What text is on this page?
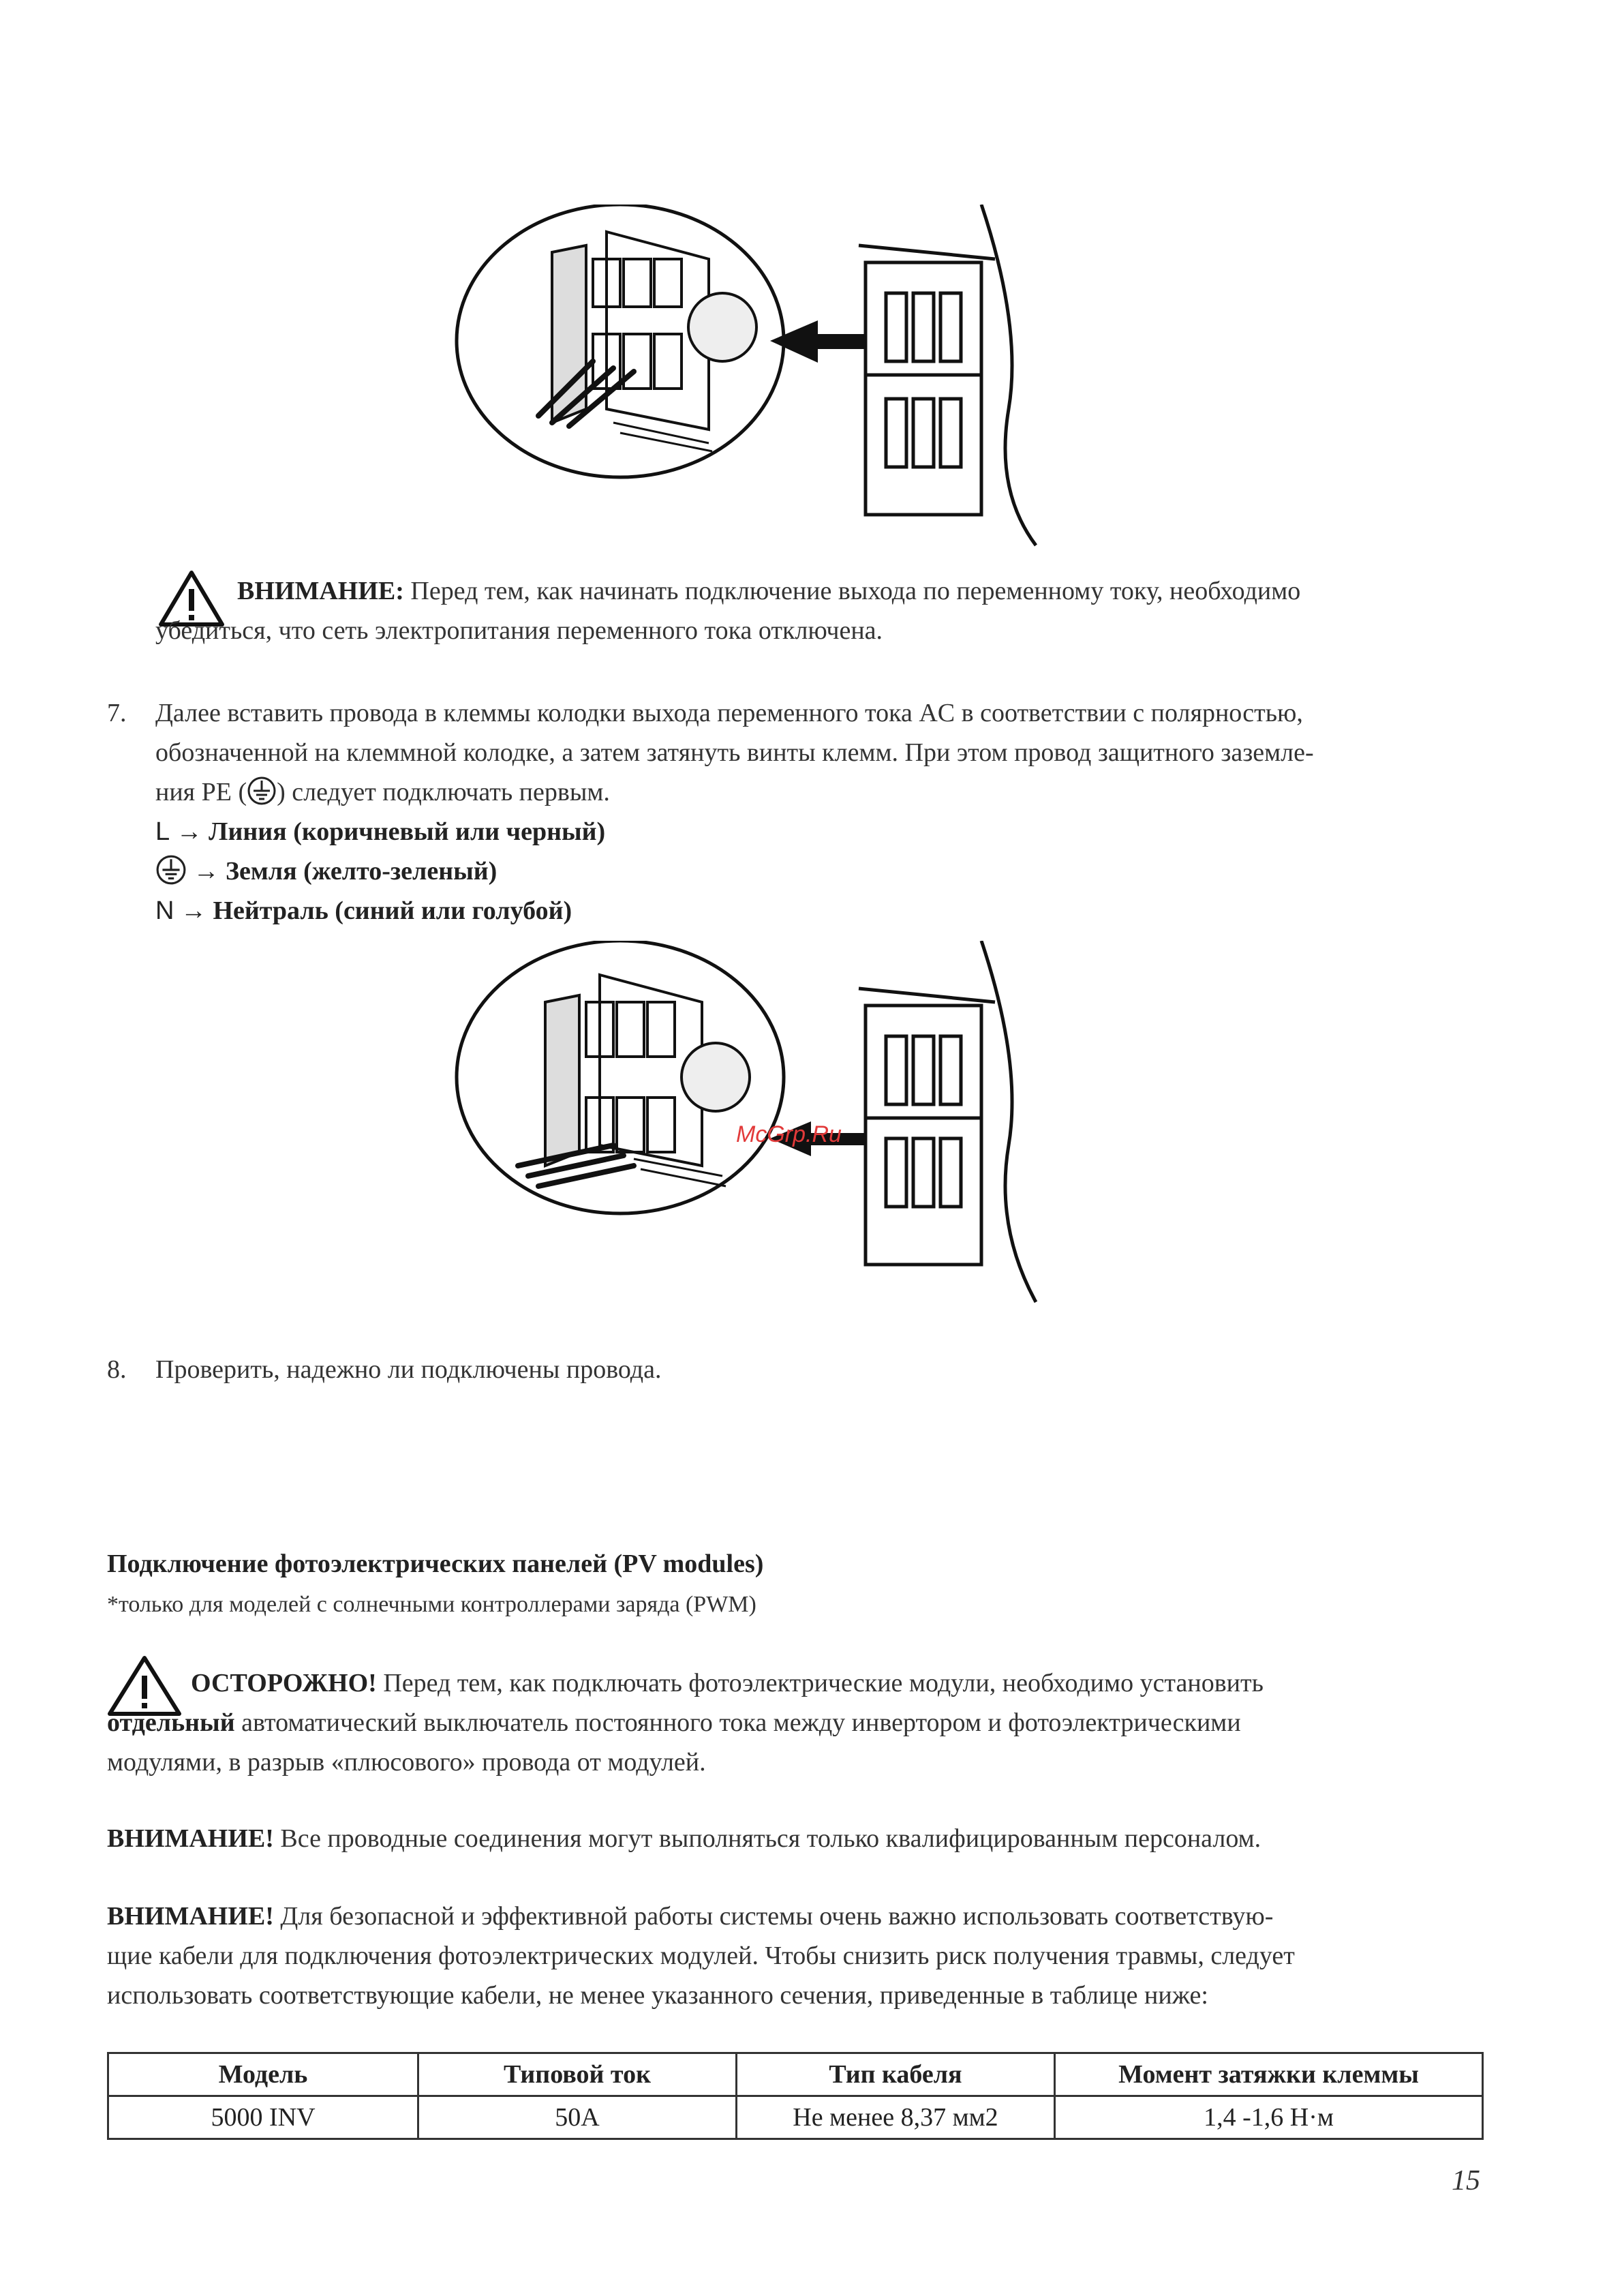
ВНИМАНИЕ: Перед тем, как начинать подключение выхода по переменному току, необходимо
убедиться, что сеть электропитания переменного тока отключена.
7. Далее вставить провода в клеммы колодки выхода переменного тока AC в соответствии с полярностью,
обозначенной на клеммной колодке, а затем затянуть винты клемм. При этом провод защитного заземле-
ния PE ( ) следует подключать первым.
L → Линия (коричневый или черный)
→ Земля (желто-зеленый)
N → Нейтраль (синий или голубой)
McGrp.Ru
8. Проверить, надежно ли подключены провода.
Подключение фотоэлектрических панелей (PV modules)
*только для моделей с солнечными контроллерами заряда (PWM)
ОСТОРОЖНО! Перед тем, как подключать фотоэлектрические модули, необходимо установить
отдельный автоматический выключатель постоянного тока между инвертором и фотоэлектрическими
модулями, в разрыв «плюсового» провода от модулей.
ВНИМАНИЕ! Все проводные соединения могут выполняться только квалифицированным персоналом.
ВНИМАНИЕ! Для безопасной и эффективной работы системы очень важно использовать соответствую-
щие кабели для подключения фотоэлектрических модулей. Чтобы снизить риск получения травмы, следует
использовать соответствующие кабели, не менее указанного сечения, приведенные в таблице ниже:
Модель	Типовой ток	Тип кабеля	Момент затяжки клеммы
5000 INV	50A	Не менее 8,37 мм2	1,4 -1,6 Н·м
15
